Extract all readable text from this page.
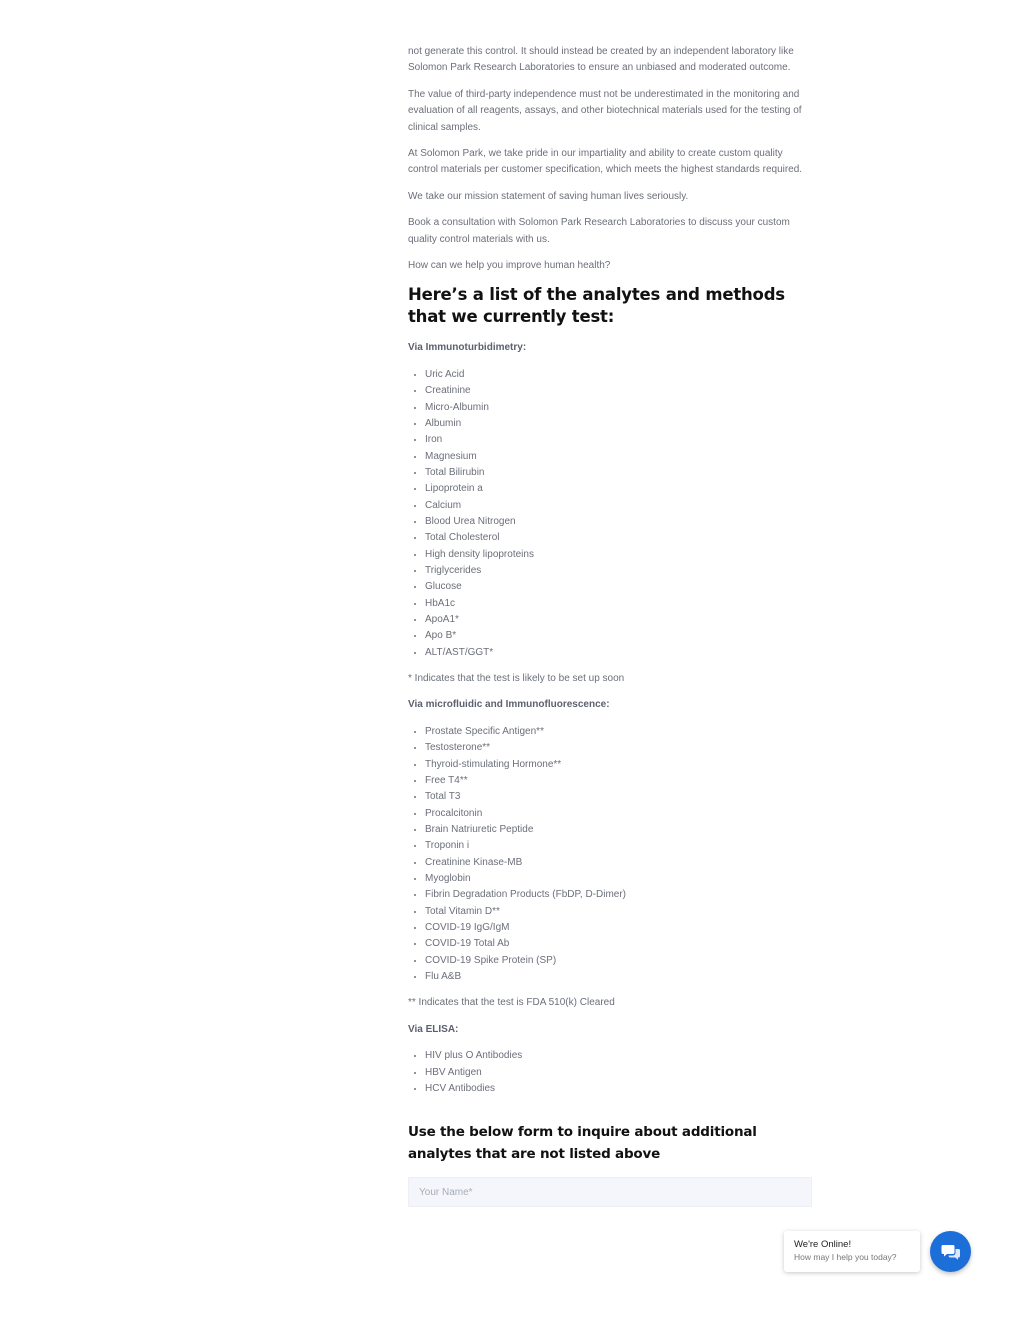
not generate this control. It should instead be created by an independent laboratory like Solomon Park Research Laboratories to ensure an unbiased and moderated outcome.

The value of third-party independence must not be underestimated in the monitoring and evaluation of all reagents, assays, and other biotechnical materials used for the testing of clinical samples.

At Solomon Park, we take pride in our impartiality and ability to create custom quality control materials per customer specification, which meets the highest standards required.

We take our mission statement of saving human lives seriously.

Book a consultation with Solomon Park Research Laboratories to discuss your custom quality control materials with us.

How can we help you improve human health?

Here’s a list of the analytes and methods that we currently test:

Via Immunoturbidimetry:

• Uric Acid
• Creatinine
• Micro-Albumin
• Albumin
• Iron
• Magnesium
• Total Bilirubin
• Lipoprotein a
• Calcium
• Blood Urea Nitrogen
• Total Cholesterol
• High density lipoproteins
• Triglycerides
• Glucose
• HbA1c
• ApoA1*
• Apo B*
• ALT/AST/GGT*

* Indicates that the test is likely to be set up soon

Via microfluidic and Immunofluorescence:

• Prostate Specific Antigen**
• Testosterone**
• Thyroid-stimulating Hormone**
• Free T4**
• Total T3
• Procalcitonin
• Brain Natriuretic Peptide
• Troponin i
• Creatinine Kinase-MB
• Myoglobin
• Fibrin Degradation Products (FbDP, D-Dimer)
• Total Vitamin D**
• COVID-19 IgG/IgM
• COVID-19 Total Ab
• COVID-19 Spike Protein (SP)
• Flu A&B

** Indicates that the test is FDA 510(k) Cleared

Via ELISA:

• HIV plus O Antibodies
• HBV Antigen
• HCV Antibodies
Use the below form to inquire about additional analytes that are not listed above
Your Name*
We're Online!
How may I help you today?
